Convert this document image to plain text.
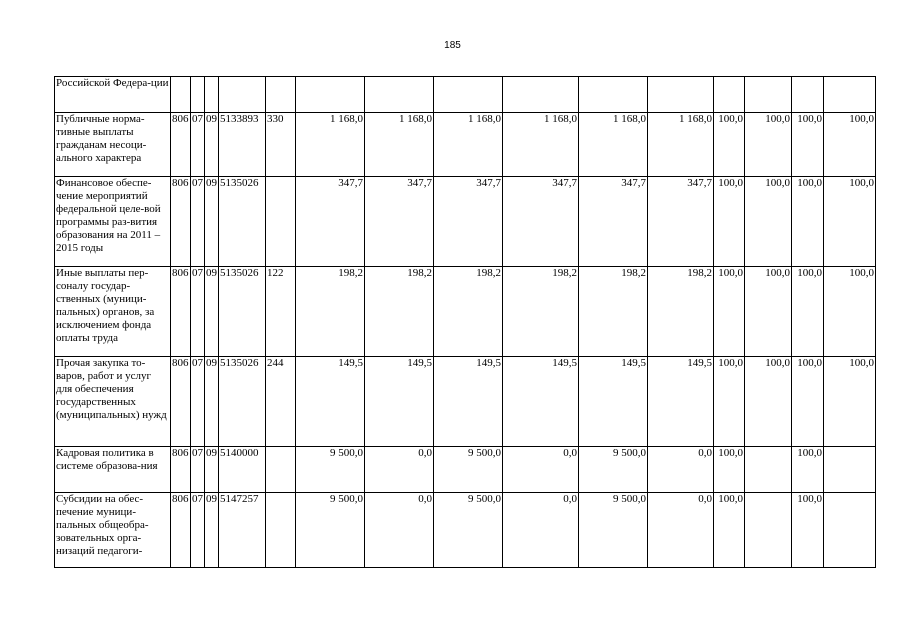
185
Российской Федера-ции															
Публичные норма-тивные выплаты гражданам несоци-ального характера	806	07	09	5133893	330	1 168,0	1 168,0	1 168,0	1 168,0	1 168,0	1 168,0	100,0	100,0	100,0	100,0
Финансовое обеспе-чение мероприятий федеральной целе-вой программы раз-вития образования на 2011 – 2015 годы	806	07	09	5135026		347,7	347,7	347,7	347,7	347,7	347,7	100,0	100,0	100,0	100,0
Иные выплаты пер-соналу государ-ственных (муници-пальных) органов, за исключением фонда оплаты труда	806	07	09	5135026	122	198,2	198,2	198,2	198,2	198,2	198,2	100,0	100,0	100,0	100,0
Прочая закупка то-варов, работ и услуг для обеспечения государственных (муниципальных) нужд	806	07	09	5135026	244	149,5	149,5	149,5	149,5	149,5	149,5	100,0	100,0	100,0	100,0
Кадровая политика в системе образова-ния	806	07	09	5140000		9 500,0	0,0	9 500,0	0,0	9 500,0	0,0	100,0		100,0	
Субсидии на обес-печение муници-пальных общеобра-зовательных орга-низаций педагоги-	806	07	09	5147257		9 500,0	0,0	9 500,0	0,0	9 500,0	0,0	100,0		100,0	
